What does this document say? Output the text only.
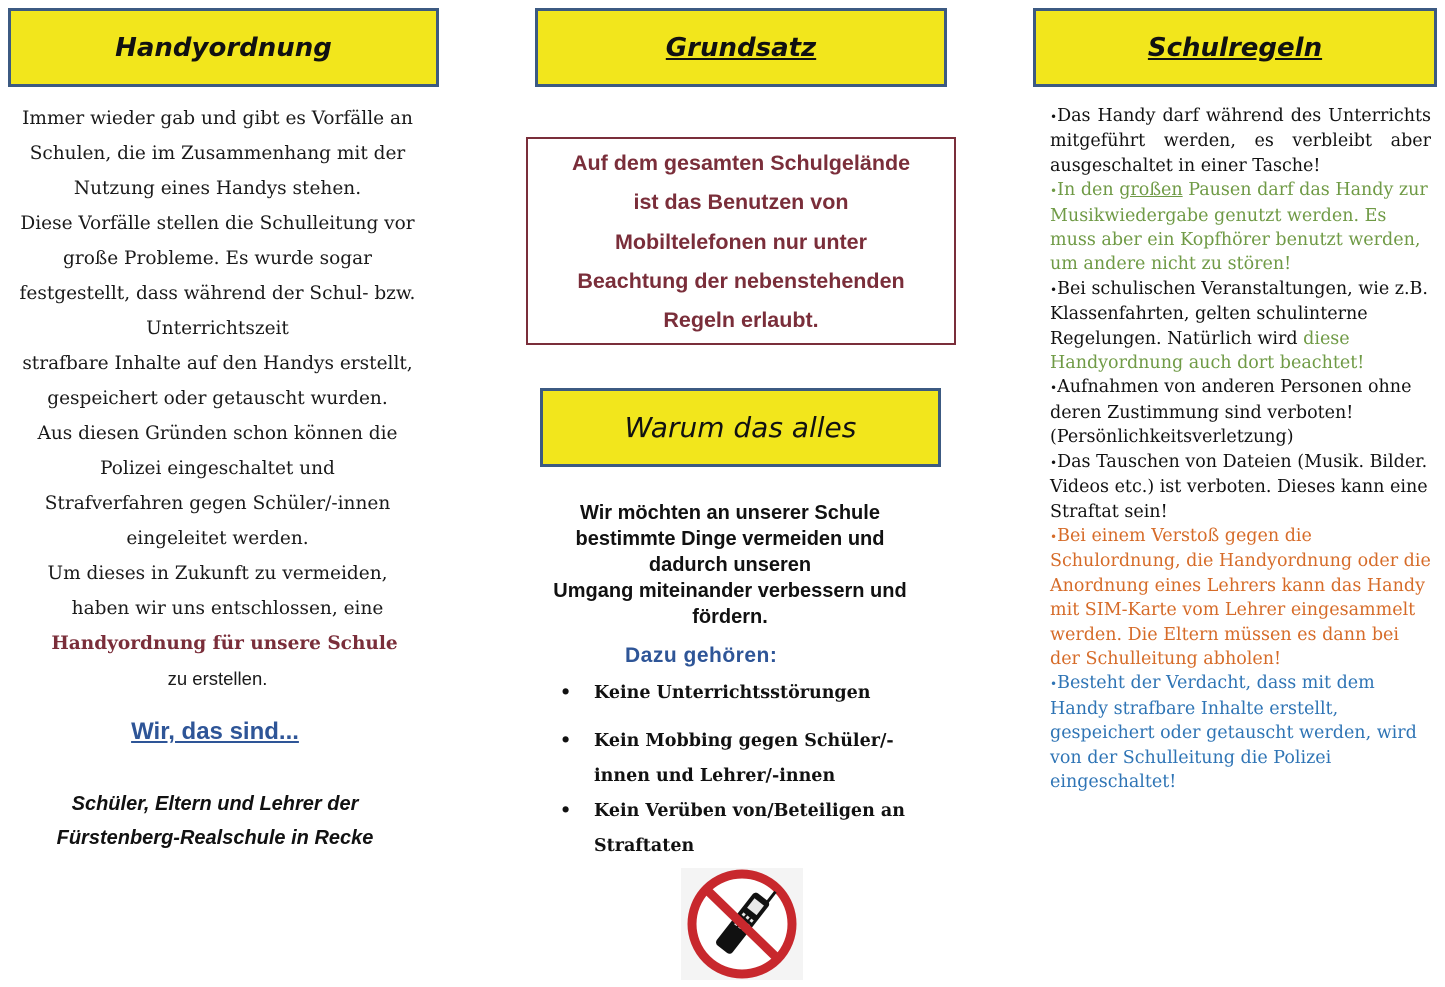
Handyordnung

Immer wieder gab und gibt es Vorfälle an

Schulen, die im Zusammenhang mit der

Nutzung eines Handys stehen.

Diese Vorfälle stellen die Schulleitung vor

große Probleme. Es wurde sogar

festgestellt, dass während der Schul- bzw.

Unterrichtszeit

strafbare Inhalte auf den Handys erstellt,

gespeichert oder getauscht wurden.

Aus diesen Gründen schon können die

Polizei eingeschaltet und

Strafverfahren gegen Schüler/-innen

eingeleitet werden.

Um dieses in Zukunft zu vermeiden,

haben wir uns entschlossen, eine

Handyordnung für unsere Schule

zu erstellen.

Wir, das sind...

Schüler, Eltern und Lehrer der

Fürstenberg-Realschule in Recke

Grundsatz

Auf dem gesamten Schulgelände

ist das Benutzen von

Mobiltelefonen nur unter

Beachtung der nebenstehenden

Regeln erlaubt.

Warum das alles

Wir möchten an unserer Schule

bestimmte Dinge vermeiden und

dadurch unseren

Umgang miteinander verbessern und

fördern.

Dazu gehören:
• Keine Unterrichtsstörungen
• Kein Mobbing gegen Schüler/-innen und Lehrer/-innen
• Kein Verüben von/Beteiligen an Straftaten
Schulregeln

•Das Handy darf während des Unterrichts mitgeführt werden, es verbleibt aber ausgeschaltet in einer Tasche!

•In den großen Pausen darf das Handy zur Musikwiedergabe genutzt werden. Es muss aber ein Kopfhörer benutzt werden, um andere nicht zu stören!

•Bei schulischen Veranstaltungen, wie z.B. Klassenfahrten, gelten schulinterne Regelungen. Natürlich wird diese Handyordnung auch dort beachtet!

•Aufnahmen von anderen Personen ohne deren Zustimmung sind verboten! (Persönlichkeitsverletzung)

•Das Tauschen von Dateien (Musik. Bilder. Videos etc.) ist verboten. Dieses kann eine Straftat sein!

•Bei einem Verstoß gegen die Schulordnung, die Handyordnung oder die Anordnung eines Lehrers kann das Handy mit SIM-Karte vom Lehrer eingesammelt werden. Die Eltern müssen es dann bei der Schulleitung abholen!

•Besteht der Verdacht, dass mit dem Handy strafbare Inhalte erstellt, gespeichert oder getauscht werden, wird von der Schulleitung die Polizei eingeschaltet!
